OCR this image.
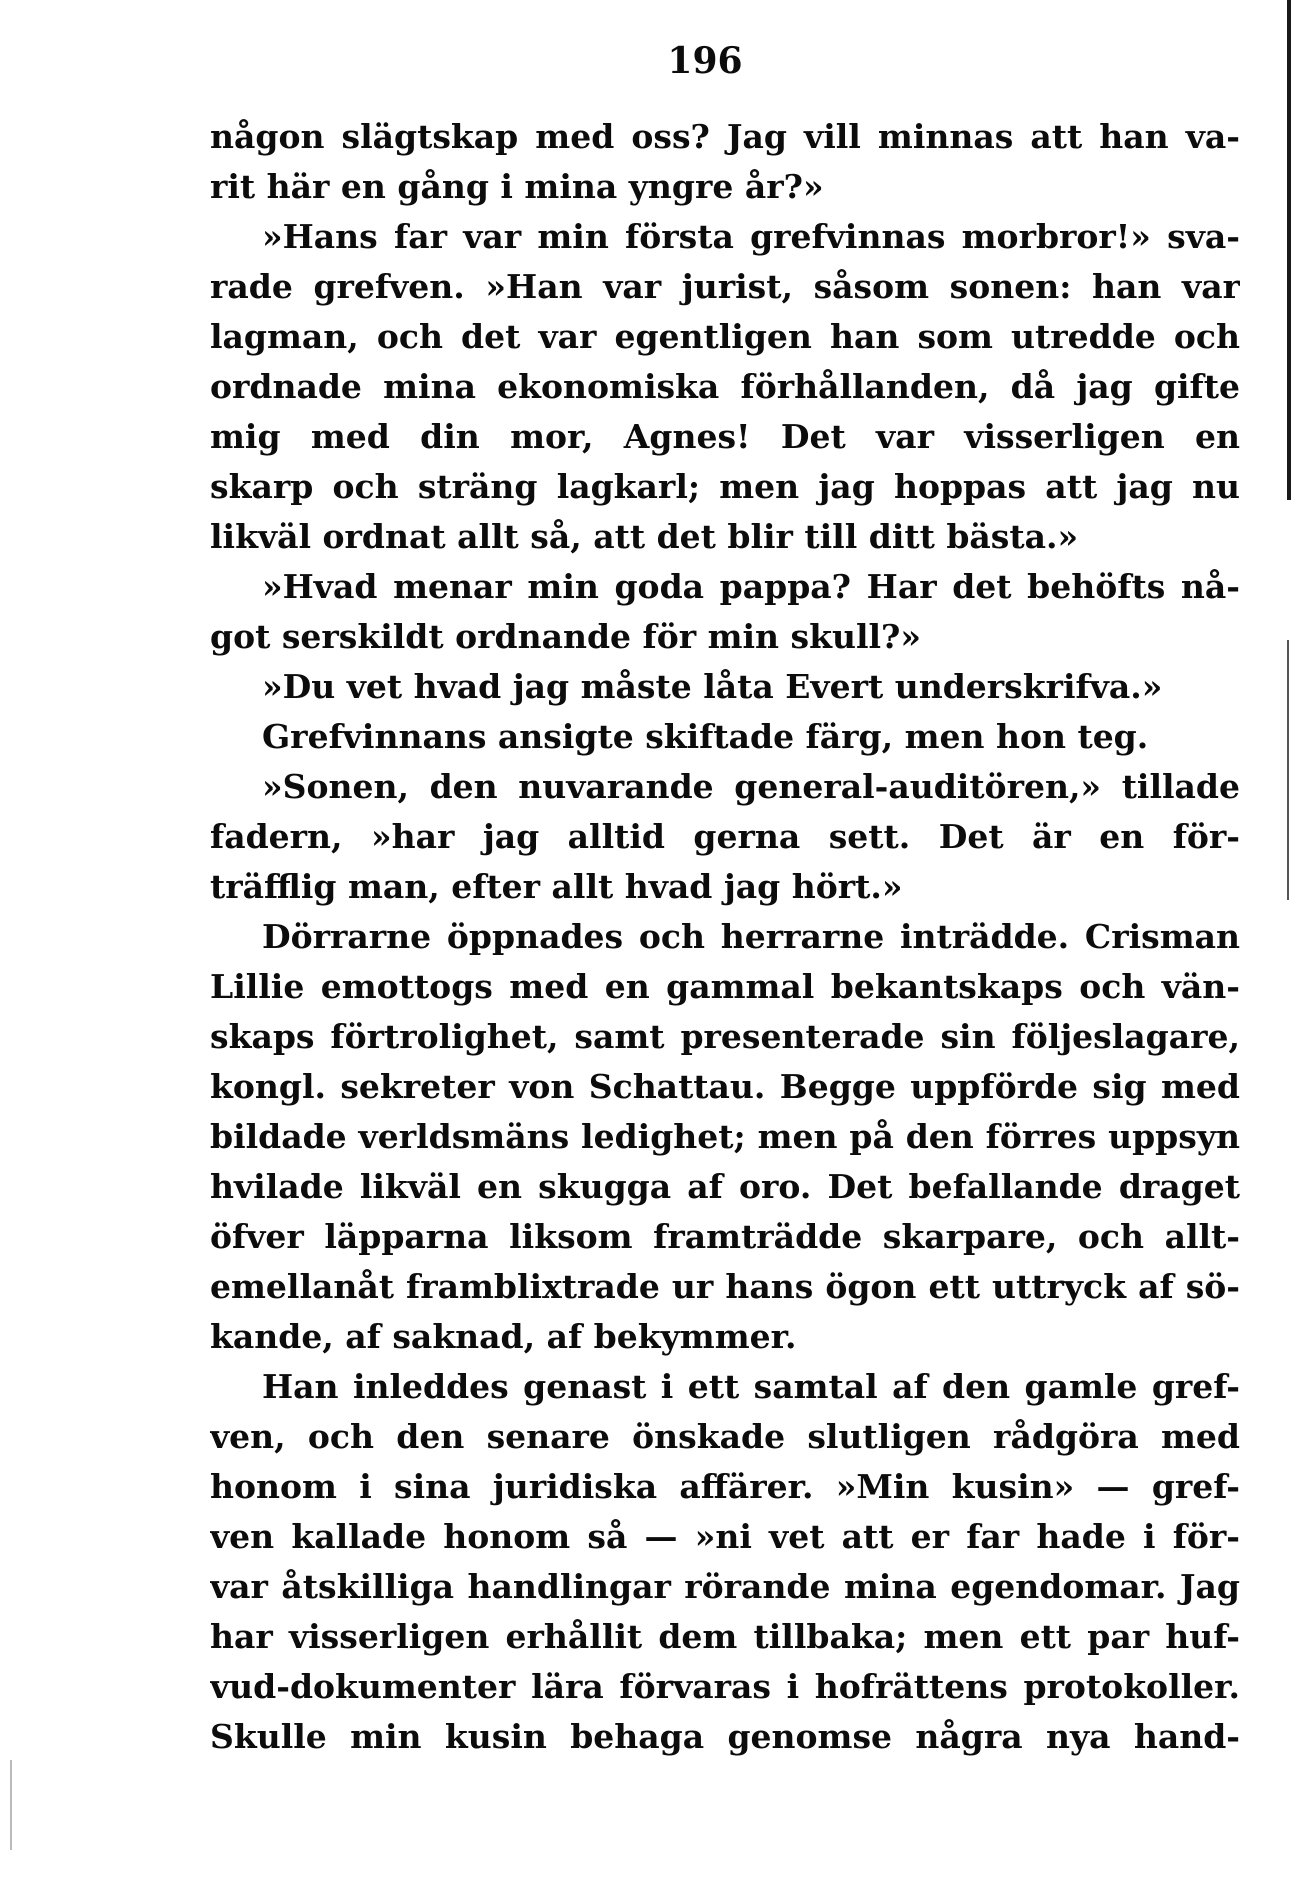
196
någon slägtskap med oss? Jag vill minnas att han va-
rit här en gång i mina yngre år?»
»Hans far var min första grefvinnas morbror!» sva-
rade grefven. »Han var jurist, såsom sonen: han var
lagman, och det var egentligen han som utredde och
ordnade mina ekonomiska förhållanden, då jag gifte
mig med din mor, Agnes! Det var visserligen en
skarp och sträng lagkarl; men jag hoppas att jag nu
likväl ordnat allt så, att det blir till ditt bästa.»
»Hvad menar min goda pappa? Har det behöfts nå-
got serskildt ordnande för min skull?»
»Du vet hvad jag måste låta Evert underskrifva.»
Grefvinnans ansigte skiftade färg, men hon teg.
»Sonen, den nuvarande general-auditören,» tillade
fadern, »har jag alltid gerna sett. Det är en för-
träfflig man, efter allt hvad jag hört.»
Dörrarne öppnades och herrarne inträdde. Crisman
Lillie emottogs med en gammal bekantskaps och vän-
skaps förtrolighet, samt presenterade sin följeslagare,
kongl. sekreter von Schattau. Begge uppförde sig med
bildade verldsmäns ledighet; men på den förres uppsyn
hvilade likväl en skugga af oro. Det befallande draget
öfver läpparna liksom framträdde skarpare, och allt-
emellanåt framblixtrade ur hans ögon ett uttryck af sö-
kande, af saknad, af bekymmer.
Han inleddes genast i ett samtal af den gamle gref-
ven, och den senare önskade slutligen rådgöra med
honom i sina juridiska affärer. »Min kusin» — gref-
ven kallade honom så — »ni vet att er far hade i för-
var åtskilliga handlingar rörande mina egendomar. Jag
har visserligen erhållit dem tillbaka; men ett par huf-
vud-dokumenter lära förvaras i hofrättens protokoller.
Skulle min kusin behaga genomse några nya hand-
